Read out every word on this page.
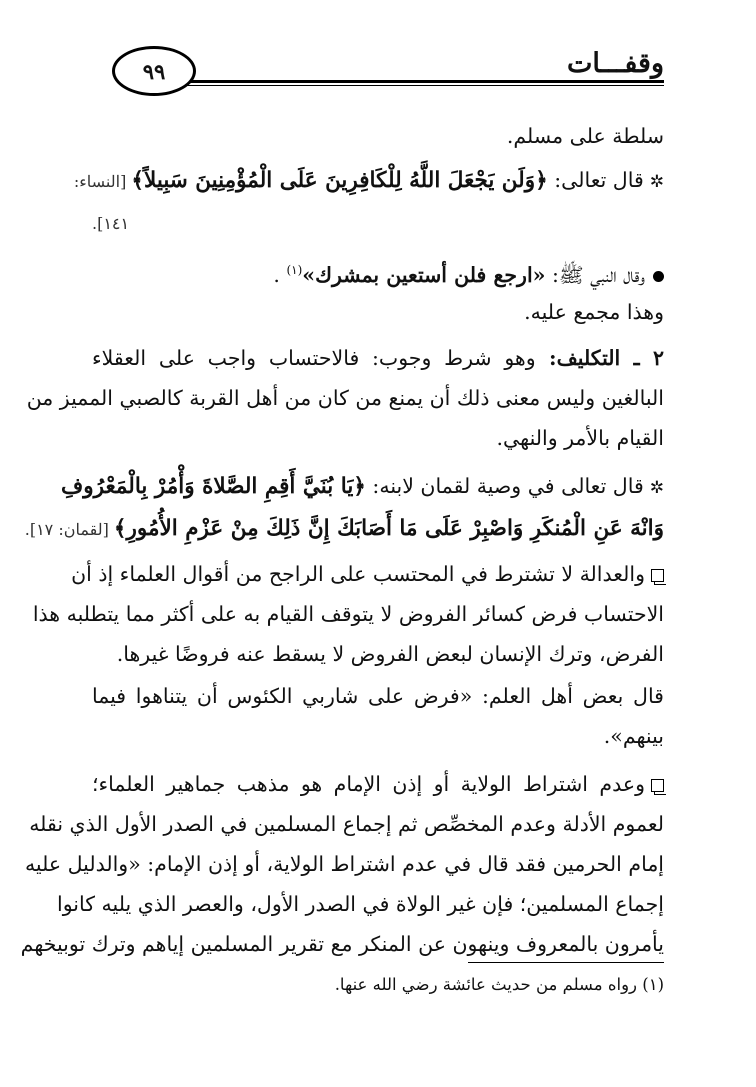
وقفـــات
٩٩
سلطة على مسلم.
✲قال تعالى: ﴿وَلَن يَجْعَلَ اللَّهُ لِلْكَافِرِينَ عَلَى الْمُؤْمِنِينَ سَبِيلاً﴾ [النساء:
١٤١].
وقال النبي ﷺ: «ارجع فلن أستعين بمشرك»$^{(١)}$ .
وهذا مجمع عليه.
٢ ـ التكليف: وهو شرط وجوب: فالاحتساب واجب على العقلاء
البالغين وليس معنى ذلك أن يمنع من كان من أهل القربة كالصبي المميز من
القيام بالأمر والنهي.
✲قال تعالى في وصية لقمان لابنه: ﴿يَا بُنَيَّ أَقِمِ الصَّلاةَ وَأْمُرْ بِالْمَعْرُوفِ
وَانْهَ عَنِ الْمُنكَرِ وَاصْبِرْ عَلَى مَا أَصَابَكَ إِنَّ ذَلِكَ مِنْ عَزْمِ الأُمُورِ﴾ [لقمان: ١٧].
والعدالة لا تشترط في المحتسب على الراجح من أقوال العلماء إذ أن
الاحتساب فرض كسائر الفروض لا يتوقف القيام به على أكثر مما يتطلبه هذا
الفرض، وترك الإنسان لبعض الفروض لا يسقط عنه فروضًا غيرها.
قال بعض أهل العلم: «فرض على شاربي الكئوس أن يتناهوا فيما
بينهم».
وعدم اشتراط الولاية أو إذن الإمام هو مذهب جماهير العلماء؛
لعموم الأدلة وعدم المخصِّص ثم إجماع المسلمين في الصدر الأول الذي نقله
إمام الحرمين فقد قال في عدم اشتراط الولاية، أو إذن الإمام: «والدليل عليه
إجماع المسلمين؛ فإن غير الولاة في الصدر الأول، والعصر الذي يليه كانوا
يأمرون بالمعروف وينهون عن المنكر مع تقرير المسلمين إياهم وترك توبيخهم
(١) رواه مسلم من حديث عائشة رضي الله عنها.
